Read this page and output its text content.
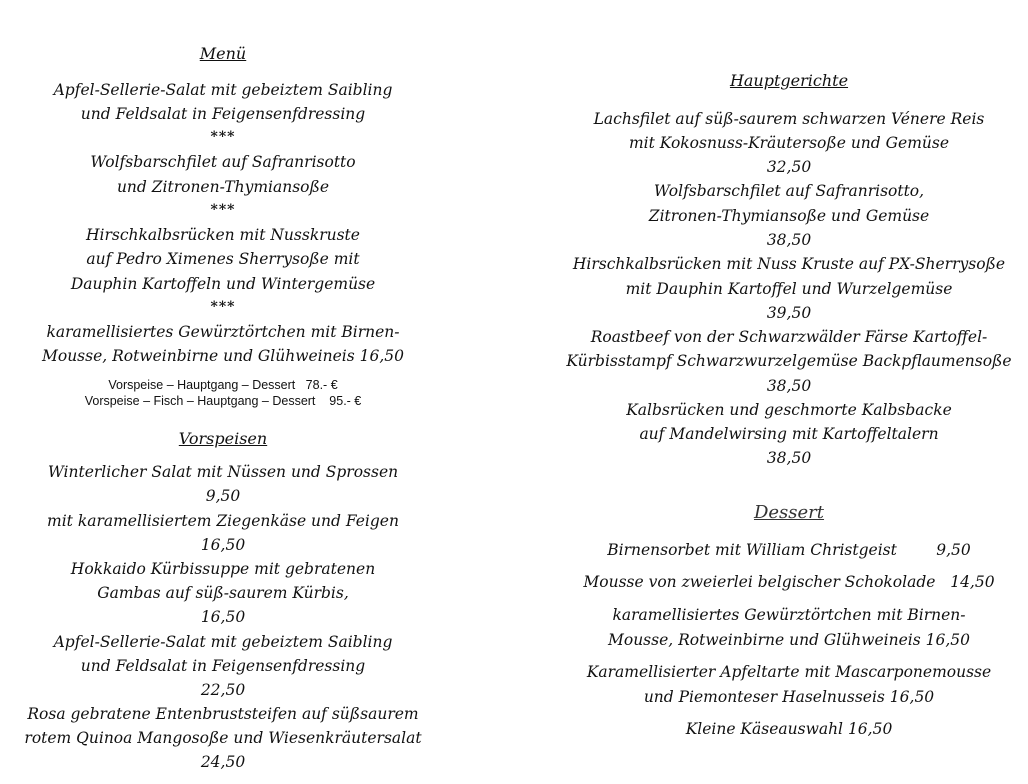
Menü
Apfel-Sellerie-Salat mit gebeiztem Saibling
und Feldsalat in Feigensenfdressing
***
Wolfsbarschfilet auf Safranrisotto
und Zitronen-Thymiansoße
***
Hirschkalbsrücken mit Nusskruste
auf Pedro Ximenes Sherrysoße mit
Dauphin Kartoffeln und Wintergemüse
***
karamellisiertes Gewürztörtchen mit Birnen-
Mousse, Rotweinbirne und Glühweineis 16,50
Vorspeise – Hauptgang – Dessert   78.- €
Vorspeise – Fisch – Hauptgang – Dessert    95.- €
Vorspeisen
Winterlicher Salat mit Nüssen und Sprossen
9,50
mit karamellisiertem Ziegenkäse und Feigen
16,50
Hokkaido Kürbissuppe mit gebratenen
Gambas auf süß-saurem Kürbis,
16,50
Apfel-Sellerie-Salat mit gebeiztem Saibling
und Feldsalat in Feigensenfdressing
22,50
Rosa gebratene Entenbruststeifen auf süßsaurem
rotem Quinoa Mangosoße und Wiesenkräutersalat
24,50
Hauptgerichte
Lachsfilet auf süß-saurem schwarzen Vénere Reis
mit Kokosnuss-Kräutersoße und Gemüse
32,50
Wolfsbarschfilet auf Safranrisotto,
Zitronen-Thymiansoße und Gemüse
38,50
Hirschkalbsrücken mit Nuss Kruste auf PX-Sherrysoße
mit Dauphin Kartoffel und Wurzelgemüse
39,50
Roastbeef von der Schwarzwälder Färse Kartoffel-
Kürbisstampf Schwarzwurzelgemüse Backpflaumensoße
38,50
Kalbsrücken und geschmorte Kalbsbacke
auf Mandelwirsing mit Kartoffeltalern
38,50
Dessert
Birnensorbet mit William Christgeist        9,50
Mousse von zweierlei belgischer Schokolade   14,50
karamellisiertes Gewürztörtchen mit Birnen-
Mousse, Rotweinbirne und Glühweineis 16,50
Karamellisierter Apfeltarte mit Mascarponemousse
und Piemonteser Haselnusseis 16,50
Kleine Käseauswahl 16,50
